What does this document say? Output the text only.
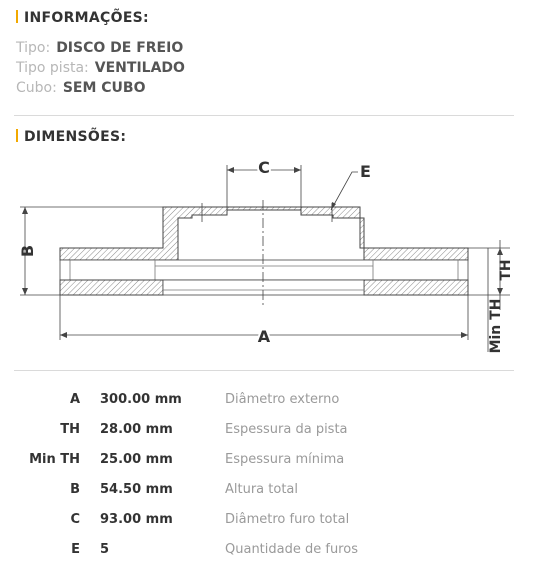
INFORMAÇÕES:
Tipo: DISCO DE FREIO
Tipo pista: VENTILADO
Cubo: SEM CUBO
DIMENSÕES:
C	E
B
TH
Min TH
A
A 300.00 mm	Diâmetro externo
TH 28.00 mm	Espessura da pista
Min TH 25.00 mm	Espessura mínima
B 54.50 mm	Altura total
C 93.00 mm	Diâmetro furo total
E 5	Quantidade de furos
